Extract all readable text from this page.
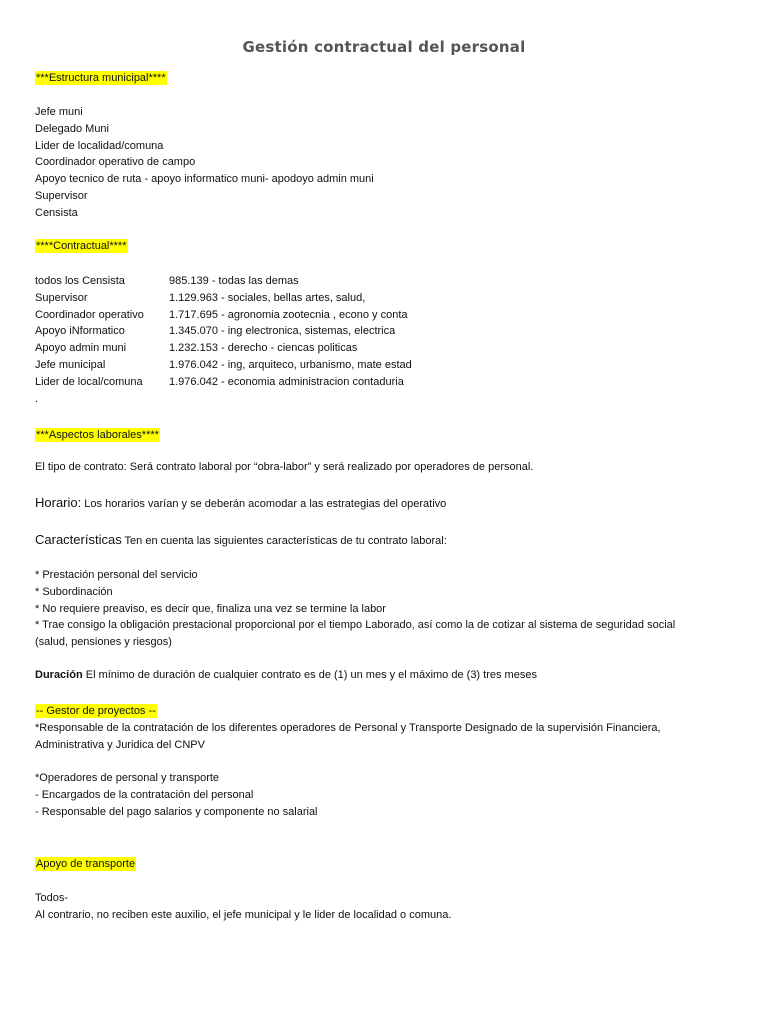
Gestión contractual del personal
***Estructura municipal****
Jefe muni
Delegado Muni
Lider de localidad/comuna
Coordinador operativo de campo
Apoyo tecnico de ruta - apoyo informatico muni- apodoyo admin muni
Supervisor
Censista
****Contractual****
todos los Censista	985.139 - todas las demas
Supervisor	1.129.963 - sociales, bellas artes, salud,
Coordinador operativo 1.717.695 - agronomia zootecnia , econo y conta
Apoyo iNformatico	1.345.070 - ing electronica, sistemas, electrica
Apoyo admin muni	1.232.153 - derecho - ciencas politicas
Jefe municipal	1.976.042 - ing, arquiteco, urbanismo, mate estad
Lider de local/comuna 1.976.042 - economia administracion contaduria
.
***Aspectos laborales****
El tipo de contrato: Será contrato laboral por “obra-labor” y será realizado por operadores de personal.
Horario: Los horarios varían y se deberán acomodar a las estrategias del operativo
Características Ten en cuenta las siguientes características de tu contrato laboral:
* Prestación personal del servicio
* Subordinación
* No requiere preaviso, es decir que, finaliza una vez se termine la labor
* Trae consigo la obligación prestacional proporcional por el tiempo Laborado, así como la de cotizar al sistema de seguridad social
(salud, pensiones y riesgos)
Duración El mínimo de duración de cualquier contrato es de (1) un mes y el máximo de (3) tres meses
-- Gestor de proyectos --
*Responsable de la contratación de los diferentes operadores de Personal y Transporte Designado de la supervisión Financiera,
Administrativa y Juridica del CNPV
*Operadores de personal y transporte
- Encargados de la contratación del personal
- Responsable del pago salarios y componente no salarial
Apoyo de transporte
Todos-
Al contrario, no reciben este auxilio, el jefe municipal y le lider de localidad o comuna.
